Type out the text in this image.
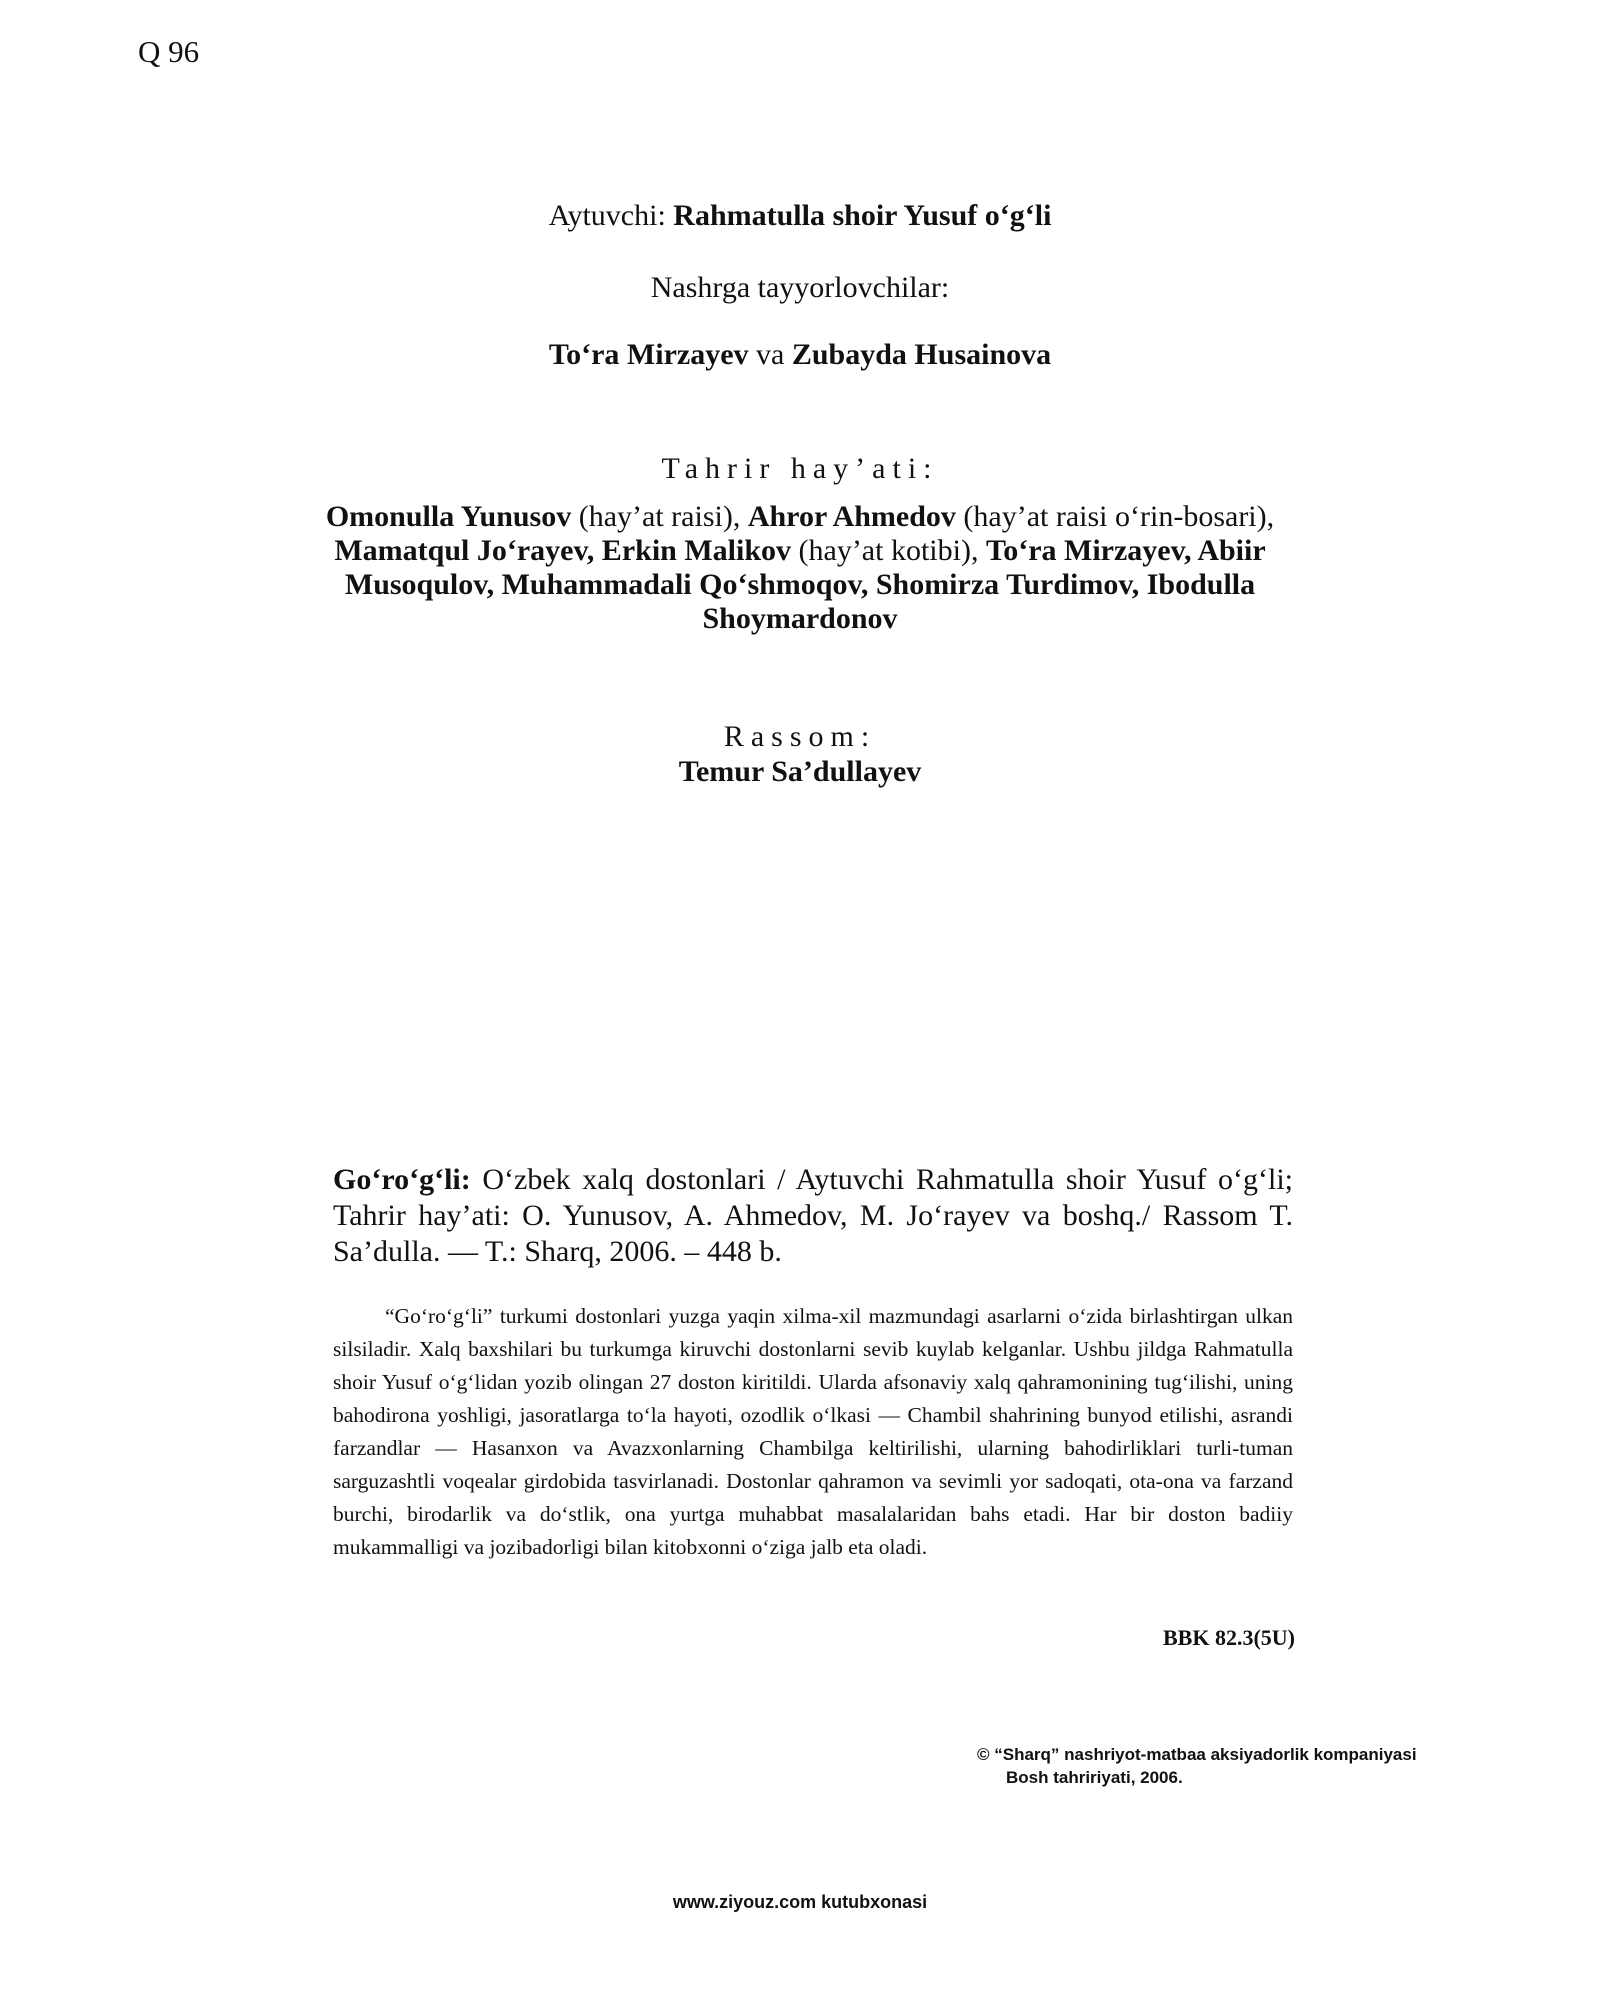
Q 96
Aytuvchi: Rahmatulla shoir Yusuf o‘g‘li
Nashrga tayyorlovchilar:
To‘ra Mirzayev va Zubayda Husainova
Tahrir hay’ati:
Omonulla Yunusov (hay’at raisi), Ahror Ahmedov (hay’at raisi o‘rin-bosari), Mamatqul Jo‘rayev, Erkin Malikov (hay’at kotibi), To‘ra Mirzayev, Abiir Musoqulov, Muhammadali Qo‘shmoqov, Shomirza Turdimov, Ibodulla Shoymardonov
Rassom:
Temur Sa’dullayev
Go‘ro‘g‘li: O‘zbek xalq dostonlari / Aytuvchi Rahmatulla shoir Yusuf o‘g‘li; Tahrir hay’ati: O. Yunusov, A. Ahmedov, M. Jo‘rayev va boshq./ Rassom T. Sa’dulla. — T.: Sharq, 2006. – 448 b.

“Go‘ro‘g‘li” turkumi dostonlari yuzga yaqin xilma-xil mazmundagi asarlarni o‘zida birlashtirgan ulkan silsiladir. Xalq baxshilari bu turkumga kiruvchi dostonlarni sevib kuylab kelganlar. Ushbu jildga Rahmatulla shoir Yusuf o‘g‘lidan yozib olingan 27 doston kiritildi. Ularda afsonaviy xalq qahramonining tug‘ilishi, uning bahodirona yoshligi, jasoratlarga to‘la hayoti, ozodlik o‘lkasi — Chambil shahrining bunyod etilishi, asrandi farzandlar — Hasanxon va Avazxonlarning Chambilga keltirilishi, ularning bahodirliklari turli-tuman sarguzashtli voqealar girdobida tasvirlanadi. Dostonlar qahramon va sevimli yor sadoqati, ota-ona va farzand burchi, birodarlik va do‘stlik, ona yurtga muhabbat masalalaridan bahs etadi. Har bir doston badiiy mukammalligi va jozibadorligi bilan kitobxonni o‘ziga jalb eta oladi.

BBK 82.3(5U)
© “Sharq” nashriyot-matbaa aksiyadorlik kompaniyasi
Bosh tahririyati, 2006.
www.ziyouz.com kutubxonasi
